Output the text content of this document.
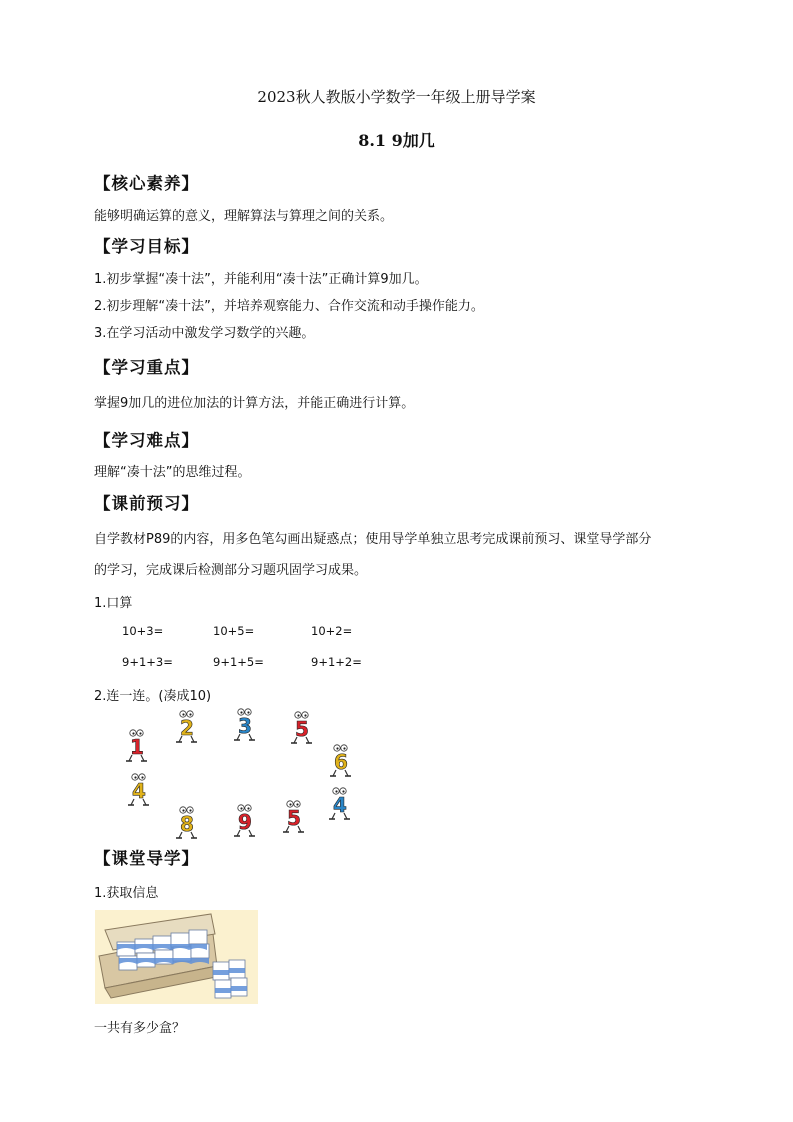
2023秋人教版小学数学一年级上册导学案
8.1 9加几
【核心素养】
能够明确运算的意义，理解算法与算理之间的关系。
【学习目标】
1.初步掌握“凑十法”，并能利用“凑十法”正确计算9加几。
2.初步理解“凑十法”，并培养观察能力、合作交流和动手操作能力。
3.在学习活动中激发学习数学的兴趣。
【学习重点】
掌握9加几的进位加法的计算方法，并能正确进行计算。
【学习难点】
理解“凑十法”的思维过程。
【课前预习】
自学教材P89的内容，用多色笔勾画出疑惑点；使用导学单独立思考完成课前预习、课堂导学部分
的学习，完成课后检测部分习题巩固学习成果。
1.口算
10+3=	10+5=	10+2=
9+1+3=	9+1+5=	9+1+2=
2.连一连。(凑成10)
1
2 3 5
6
4
8 9 5
4
【课堂导学】
1.获取信息
一共有多少盒？
